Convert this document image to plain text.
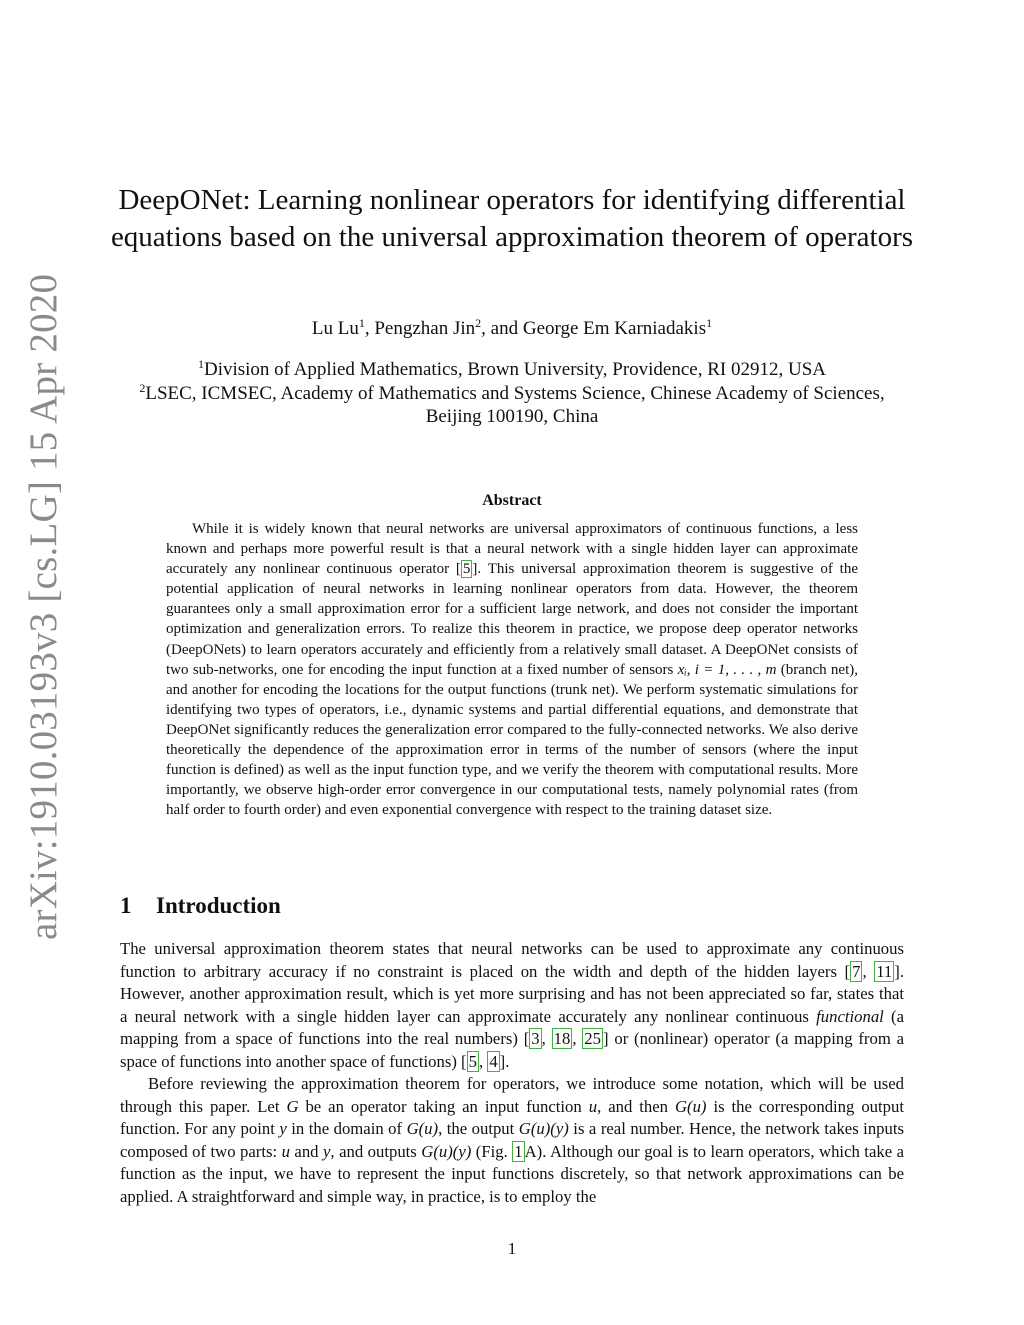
arXiv:1910.03193v3 [cs.LG] 15 Apr 2020
DeepONet: Learning nonlinear operators for identifying differential equations based on the universal approximation theorem of operators
Lu Lu$^1$, Pengzhan Jin$^2$, and George Em Karniadakis$^1$
$^1$Division of Applied Mathematics, Brown University, Providence, RI 02912, USA
$^2$LSEC, ICMSEC, Academy of Mathematics and Systems Science, Chinese Academy of Sciences, Beijing 100190, China
Abstract

While it is widely known that neural networks are universal approximators of continuous functions, a less known and perhaps more powerful result is that a neural network with a single hidden layer can approximate accurately any nonlinear continuous operator [ 5 ]. This universal approximation theorem is suggestive of the potential application of neural networks in learning nonlinear operators from data. However, the theorem guarantees only a small approximation error for a sufficient large network, and does not consider the important optimization and generalization errors. To realize this theorem in practice, we propose deep operator networks (DeepONets) to learn operators accurately and efficiently from a relatively small dataset. A DeepONet consists of two sub-networks, one for encoding the input function at a fixed number of sensors xᵢ, i = 1, . . . , m (branch net), and another for encoding the locations for the output functions (trunk net). We perform systematic simulations for identifying two types of operators, i.e., dynamic systems and partial differential equations, and demonstrate that DeepONet significantly reduces the generalization error compared to the fully-connected networks. We also derive theoretically the dependence of the approximation error in terms of the number of sensors (where the input function is defined) as well as the input function type, and we verify the theorem with computational results. More importantly, we observe high-order error convergence in our computational tests, namely polynomial rates (from half order to fourth order) and even exponential convergence with respect to the training dataset size.

1 Introduction

The universal approximation theorem states that neural networks can be used to approximate any continuous function to arbitrary accuracy if no constraint is placed on the width and depth of the hidden layers [ 7 , 11 ]. However, another approximation result, which is yet more surprising and has not been appreciated so far, states that a neural network with a single hidden layer can approximate accurately any nonlinear continuous functional (a mapping from a space of functions into the real numbers) [ 3 , 18 , 25 ] or (nonlinear) operator (a mapping from a space of functions into another space of functions) [ 5 , 4 ].

Before reviewing the approximation theorem for operators, we introduce some notation, which will be used through this paper. Let G be an operator taking an input function u, and then G(u) is the corresponding output function. For any point y in the domain of G(u), the output G(u)(y) is a real number. Hence, the network takes inputs composed of two parts: u and y, and outputs G(u)(y) (Fig. 1 A). Although our goal is to learn operators, which take a function as the input, we have to represent the input functions discretely, so that network approximations can be applied. A straightforward and simple way, in practice, is to employ the

1
